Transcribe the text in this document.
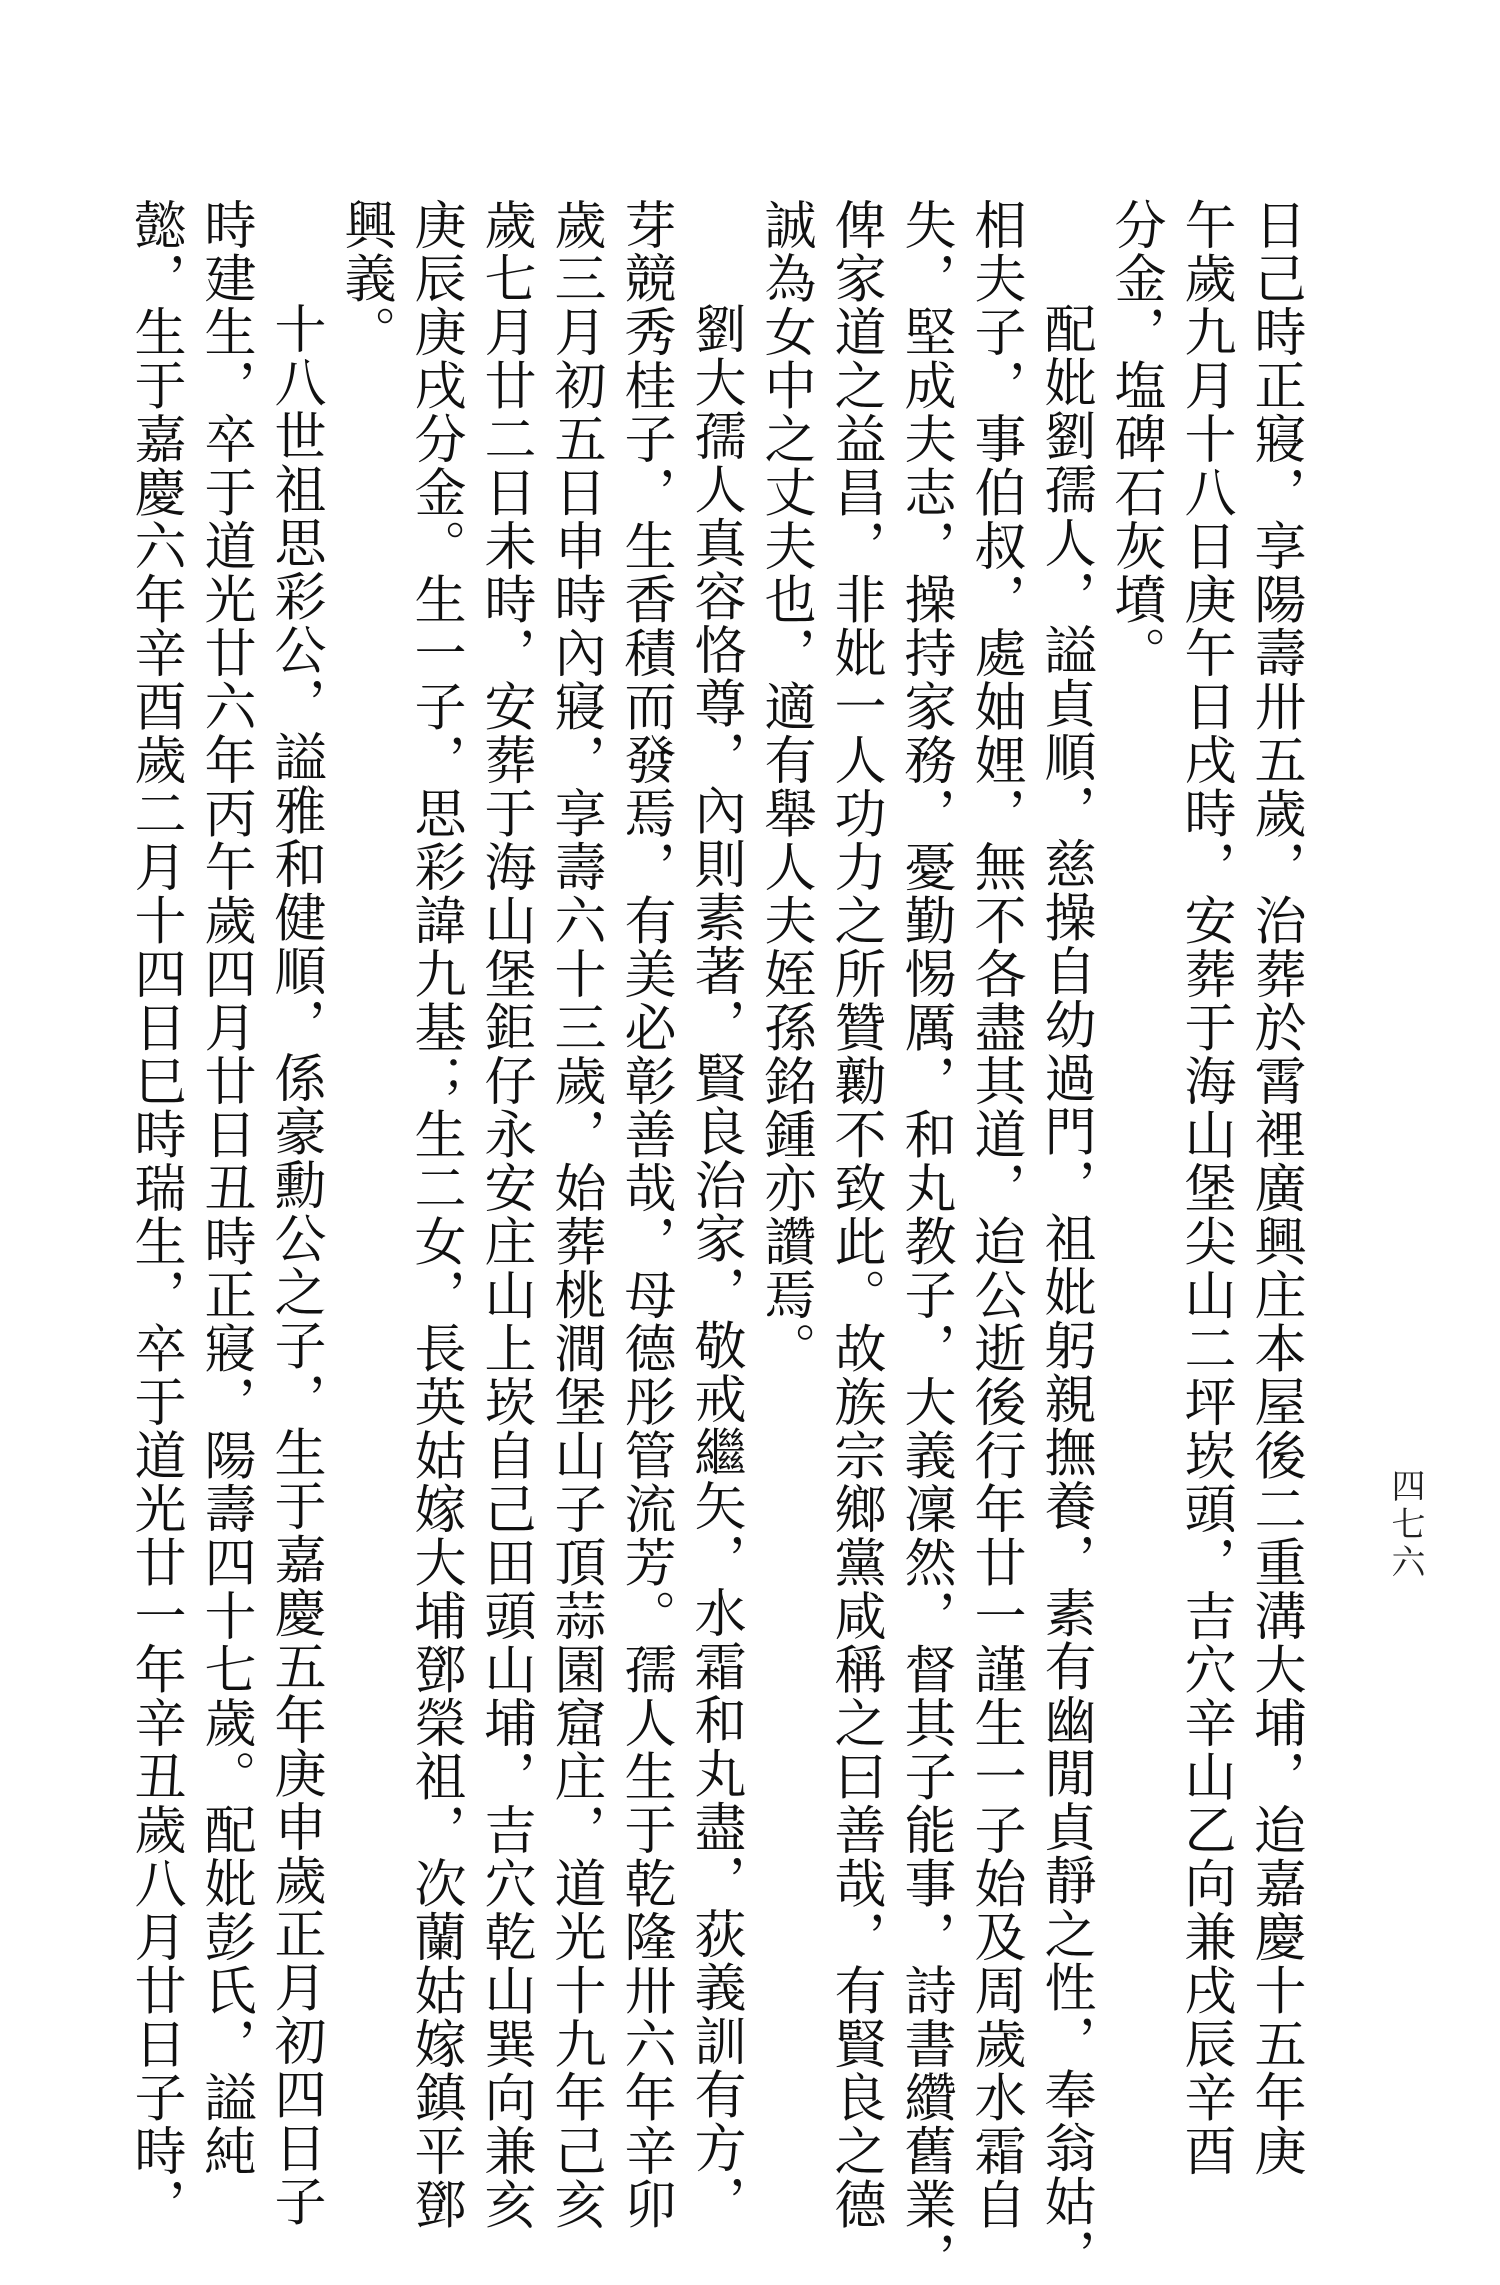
四七六
日己時正寢，享陽壽卅五歲，治葬於霄裡廣興庄本屋後二重溝大埔，迨嘉慶十五年庚
午歲九月十八日庚午日戌時，安葬于海山堡尖山二坪崁頭，吉穴辛山乙向兼戌辰辛酉
分金，塩碑石灰墳。
配妣劉孺人，謚貞順，慈操自幼過門，祖妣躬親撫養，素有幽閒貞靜之性，奉翁姑，
相夫子，事伯叔，處妯娌，無不各盡其道，迨公逝後行年廿一謹生一子始及周歲水霜自
失，堅成夫志，操持家務，憂勤惕厲，和丸教子，大義凜然，督其子能事，詩書纘舊業，
俾家道之益昌，非妣一人功力之所贊勷不致此。故族宗鄉黨咸稱之曰善哉，有賢良之德
誠為女中之丈夫也，適有舉人夫姪孫銘鍾亦讚焉。
劉大孺人真容恪尊，內則素著，賢良治家，敬戒繼矢，水霜和丸盡，荻義訓有方，
芽競秀桂子，生香積而發焉，有美必彰善哉，母德彤管流芳。孺人生于乾隆卅六年辛卯
歲三月初五日申時內寢，享壽六十三歲，始葬桃澗堡山子頂蒜園窟庄，道光十九年己亥
歲七月廿二日未時，安葬于海山堡鉅仔永安庄山上崁自己田頭山埔，吉穴乾山巽向兼亥
庚辰庚戌分金。生一子，思彩諱九基；生二女，長英姑嫁大埔鄧榮祖，次蘭姑嫁鎮平鄧
興義。
十八世祖思彩公，謚雅和健順，係豪勳公之子，生于嘉慶五年庚申歲正月初四日子
時建生，卒于道光廿六年丙午歲四月廿日丑時正寢，陽壽四十七歲。配妣彭氏，謚純
懿，生于嘉慶六年辛酉歲二月十四日巳時瑞生，卒于道光廿一年辛丑歲八月廿日子時，
